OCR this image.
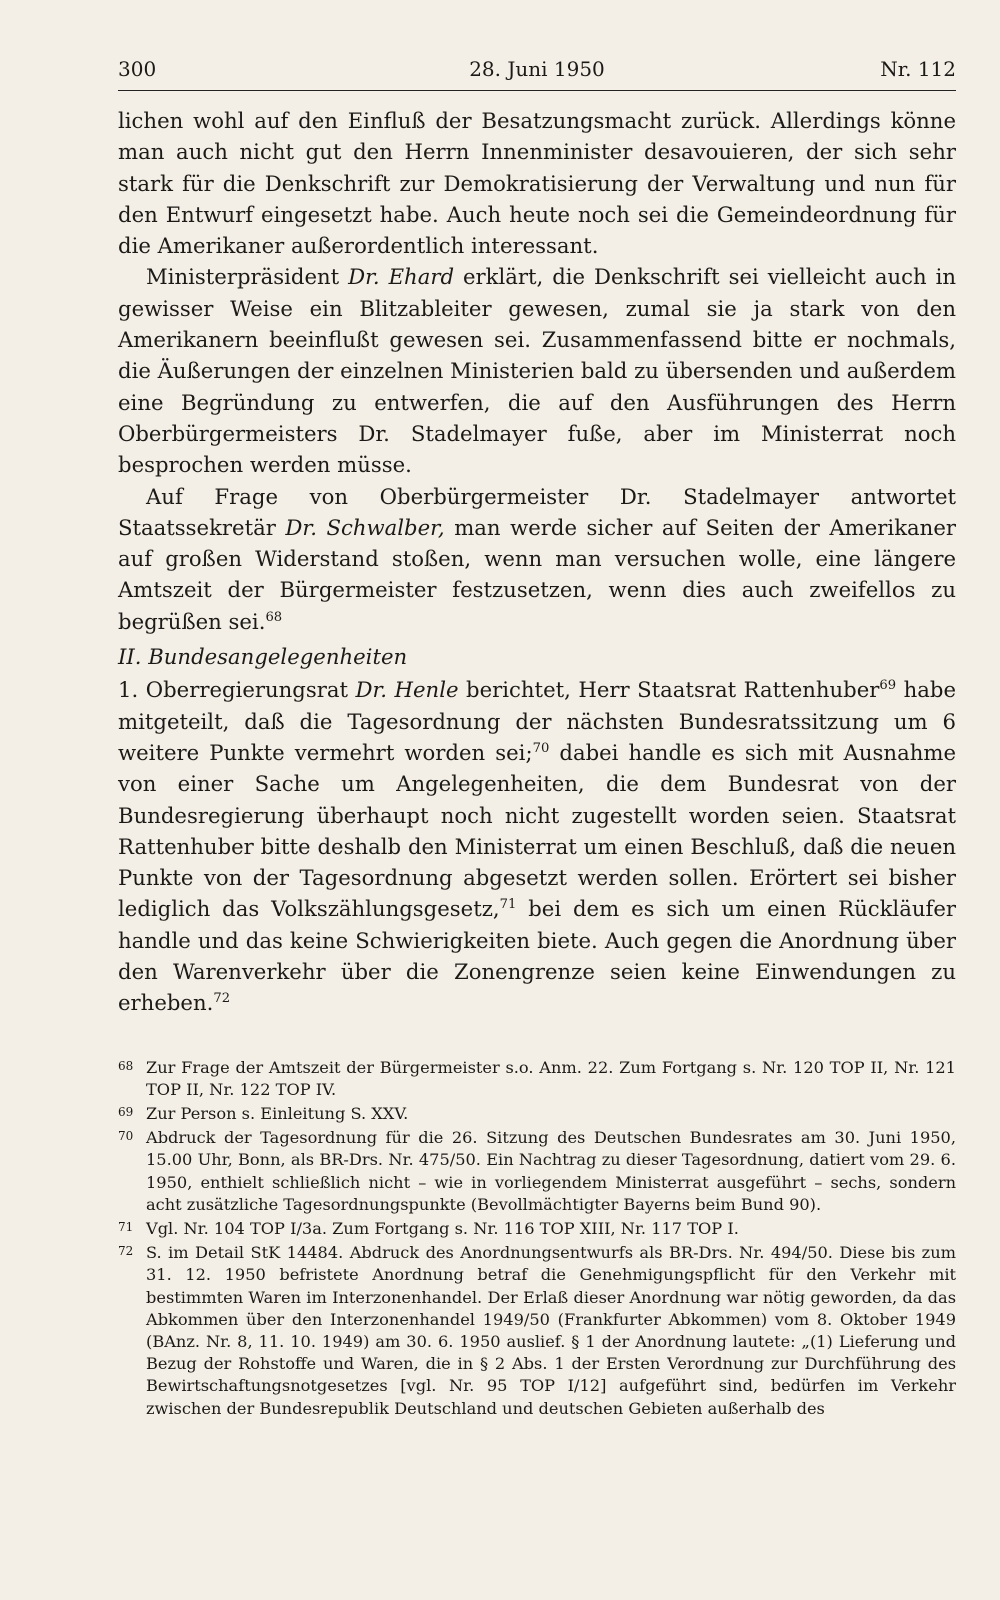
300	28. Juni 1950	Nr. 112

lichen wohl auf den Einfluß der Besatzungsmacht zurück. Allerdings könne man auch nicht gut den Herrn Innenminister desavouieren, der sich sehr stark für die Denkschrift zur Demokratisierung der Verwaltung und nun für den Entwurf eingesetzt habe. Auch heute noch sei die Gemeindeordnung für die Amerikaner außerordentlich interessant.

Ministerpräsident Dr. Ehard erklärt, die Denkschrift sei vielleicht auch in gewisser Weise ein Blitzableiter gewesen, zumal sie ja stark von den Amerikanern beeinflußt gewesen sei. Zusammenfassend bitte er nochmals, die Äußerungen der einzelnen Ministerien bald zu übersenden und außerdem eine Begründung zu entwerfen, die auf den Ausführungen des Herrn Oberbürgermeisters Dr. Stadelmayer fuße, aber im Ministerrat noch besprochen werden müsse.

Auf Frage von Oberbürgermeister Dr. Stadelmayer antwortet Staatssekretär Dr. Schwalber, man werde sicher auf Seiten der Amerikaner auf großen Widerstand stoßen, wenn man versuchen wolle, eine längere Amtszeit der Bürgermeister festzusetzen, wenn dies auch zweifellos zu begrüßen sei.$^{68}$

II. Bundesangelegenheiten

1. Oberregierungsrat Dr. Henle berichtet, Herr Staatsrat Rattenhuber$^{69}$ habe mitgeteilt, daß die Tagesordnung der nächsten Bundesratssitzung um 6 weitere Punkte vermehrt worden sei;$^{70}$ dabei handle es sich mit Ausnahme von einer Sache um Angelegenheiten, die dem Bundesrat von der Bundesregierung überhaupt noch nicht zugestellt worden seien. Staatsrat Rattenhuber bitte deshalb den Ministerrat um einen Beschluß, daß die neuen Punkte von der Tagesordnung abgesetzt werden sollen. Erörtert sei bisher lediglich das Volkszählungsgesetz,$^{71}$ bei dem es sich um einen Rückläufer handle und das keine Schwierigkeiten biete. Auch gegen die Anordnung über den Warenverkehr über die Zonengrenze seien keine Einwendungen zu erheben.$^{72}$

68 Zur Frage der Amtszeit der Bürgermeister s.o. Anm. 22. Zum Fortgang s. Nr. 120 TOP II, Nr. 121 TOP II, Nr. 122 TOP IV.
69 Zur Person s. Einleitung S. XXV.
70 Abdruck der Tagesordnung für die 26. Sitzung des Deutschen Bundesrates am 30. Juni 1950, 15.00 Uhr, Bonn, als BR-Drs. Nr. 475/50. Ein Nachtrag zu dieser Tagesordnung, datiert vom 29. 6. 1950, enthielt schließlich nicht – wie in vorliegendem Ministerrat ausgeführt – sechs, sondern acht zusätzliche Tagesordnungspunkte (Bevollmächtigter Bayerns beim Bund 90).
71 Vgl. Nr. 104 TOP I/3a. Zum Fortgang s. Nr. 116 TOP XIII, Nr. 117 TOP I.
72 S. im Detail StK 14484. Abdruck des Anordnungsentwurfs als BR-Drs. Nr. 494/50. Diese bis zum 31. 12. 1950 befristete Anordnung betraf die Genehmigungspflicht für den Verkehr mit bestimmten Waren im Interzonenhandel. Der Erlaß dieser Anordnung war nötig geworden, da das Abkommen über den Interzonenhandel 1949/50 (Frankfurter Abkommen) vom 8. Oktober 1949 (BAnz. Nr. 8, 11. 10. 1949) am 30. 6. 1950 auslief. § 1 der Anordnung lautete: „(1) Lieferung und Bezug der Rohstoffe und Waren, die in § 2 Abs. 1 der Ersten Verordnung zur Durchführung des Bewirtschaftungsnotgesetzes [vgl. Nr. 95 TOP I/12] aufgeführt sind, bedürfen im Verkehr zwischen der Bundesrepublik Deutschland und deutschen Gebieten außerhalb des
